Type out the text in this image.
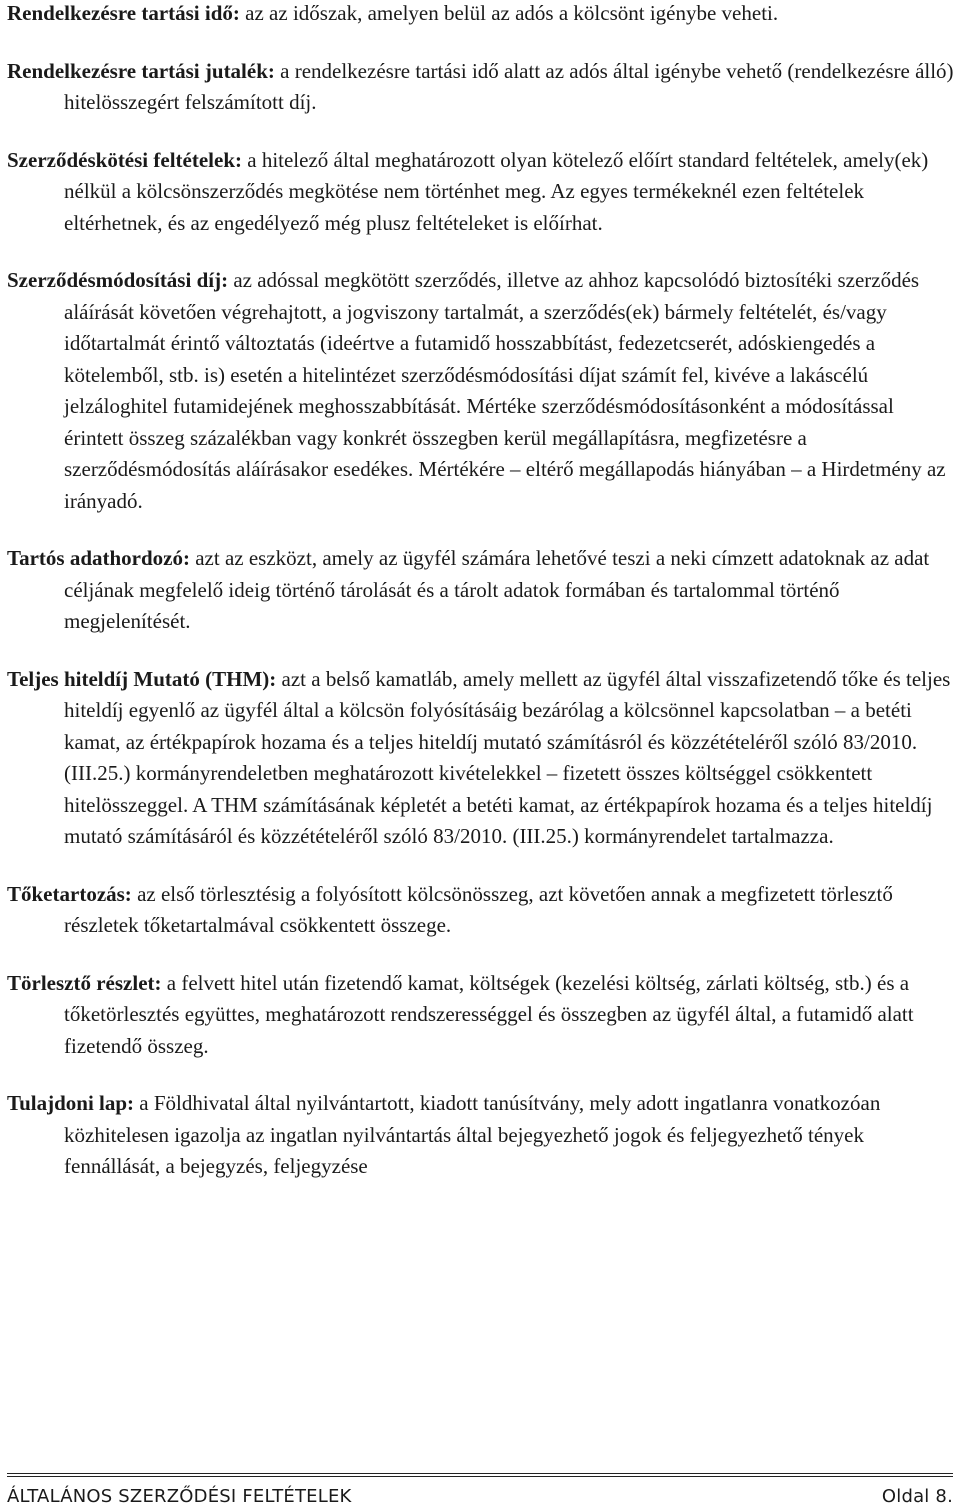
Rendelkezésre tartási idő: az az időszak, amelyen belül az adós a kölcsönt igénybe veheti.

Rendelkezésre tartási jutalék: a rendelkezésre tartási idő alatt az adós által igénybe vehető (rendelkezésre álló) hitelösszegért felszámított díj.

Szerződéskötési feltételek: a hitelező által meghatározott olyan kötelező előírt standard feltételek, amely(ek) nélkül a kölcsönszerződés megkötése nem történhet meg. Az egyes termékeknél ezen feltételek eltérhetnek, és az engedélyező még plusz feltételeket is előírhat.

Szerződésmódosítási díj: az adóssal megkötött szerződés, illetve az ahhoz kapcsolódó biztosítéki szerződés aláírását követően végrehajtott, a jogviszony tartalmát, a szerződés(ek) bármely feltételét, és/vagy időtartalmát érintő változtatás (ideértve a futamidő hosszabbítást, fedezetcserét, adóskiengedés a kötelemből, stb. is) esetén a hitelintézet szerződésmódosítási díjat számít fel, kivéve a lakáscélú jelzáloghitel futamidejének meghosszabbítását. Mértéke szerződésmódosításonként a módosítással érintett összeg százalékban vagy konkrét összegben kerül megállapításra, megfizetésre a szerződésmódosítás aláírásakor esedékes. Mértékére – eltérő megállapodás hiányában – a Hirdetmény az irányadó.

Tartós adathordozó: azt az eszközt, amely az ügyfél számára lehetővé teszi a neki címzett adatoknak az adat céljának megfelelő ideig történő tárolását és a tárolt adatok formában és tartalommal történő megjelenítését.

Teljes hiteldíj Mutató (THM): azt a belső kamatláb, amely mellett az ügyfél által visszafizetendő tőke és teljes hiteldíj egyenlő az ügyfél által a kölcsön folyósításáig bezárólag a kölcsönnel kapcsolatban – a betéti kamat, az értékpapírok hozama és a teljes hiteldíj mutató számításról és közzétételéről szóló 83/2010. (III.25.) kormányrendeletben meghatározott kivételekkel – fizetett összes költséggel csökkentett hitelösszeggel. A THM számításának képletét a betéti kamat, az értékpapírok hozama és a teljes hiteldíj mutató számításáról és közzétételéről szóló 83/2010. (III.25.) kormányrendelet tartalmazza.

Tőketartozás: az első törlesztésig a folyósított kölcsönösszeg, azt követően annak a megfizetett törlesztő részletek tőketartalmával csökkentett összege.

Törlesztő részlet: a felvett hitel után fizetendő kamat, költségek (kezelési költség, zárlati költség, stb.) és a tőketörlesztés együttes, meghatározott rendszerességgel és összegben az ügyfél által, a futamidő alatt fizetendő összeg.

Tulajdoni lap: a Földhivatal által nyilvántartott, kiadott tanúsítvány, mely adott ingatlanra vonatkozóan közhitelesen igazolja az ingatlan nyilvántartás által bejegyezhető jogok és feljegyezhető tények fennállását, a bejegyzés, feljegyzése

ÁLTALÁNOS SZERZŐDÉSI FELTÉTELEK	Oldal 8.
